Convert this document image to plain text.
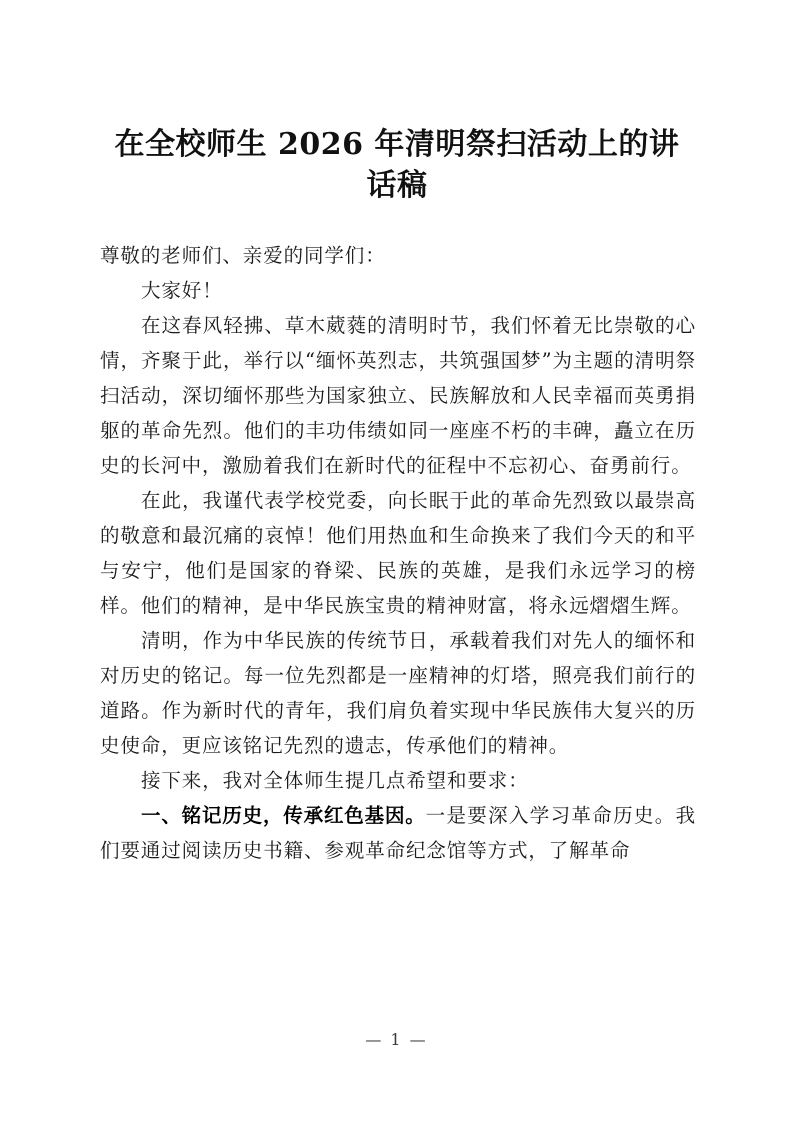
在全校师生 2026 年清明祭扫活动上的讲话稿

尊敬的老师们、亲爱的同学们：

大家好！

在这春风轻拂、草木葳蕤的清明时节，我们怀着无比崇敬的心情，齐聚于此，举行以“缅怀英烈志，共筑强国梦”为主题的清明祭扫活动，深切缅怀那些为国家独立、民族解放和人民幸福而英勇捐躯的革命先烈。他们的丰功伟绩如同一座座不朽的丰碑，矗立在历史的长河中，激励着我们在新时代的征程中不忘初心、奋勇前行。

在此，我谨代表学校党委，向长眠于此的革命先烈致以最崇高的敬意和最沉痛的哀悼！他们用热血和生命换来了我们今天的和平与安宁，他们是国家的脊梁、民族的英雄，是我们永远学习的榜样。他们的精神，是中华民族宝贵的精神财富，将永远熠熠生辉。

清明，作为中华民族的传统节日，承载着我们对先人的缅怀和对历史的铭记。每一位先烈都是一座精神的灯塔，照亮我们前行的道路。作为新时代的青年，我们肩负着实现中华民族伟大复兴的历史使命，更应该铭记先烈的遗志，传承他们的精神。

接下来，我对全体师生提几点希望和要求：

一、铭记历史，传承红色基因。一是要深入学习革命历史。我们要通过阅读历史书籍、参观革命纪念馆等方式，了解革命

— 1 —
